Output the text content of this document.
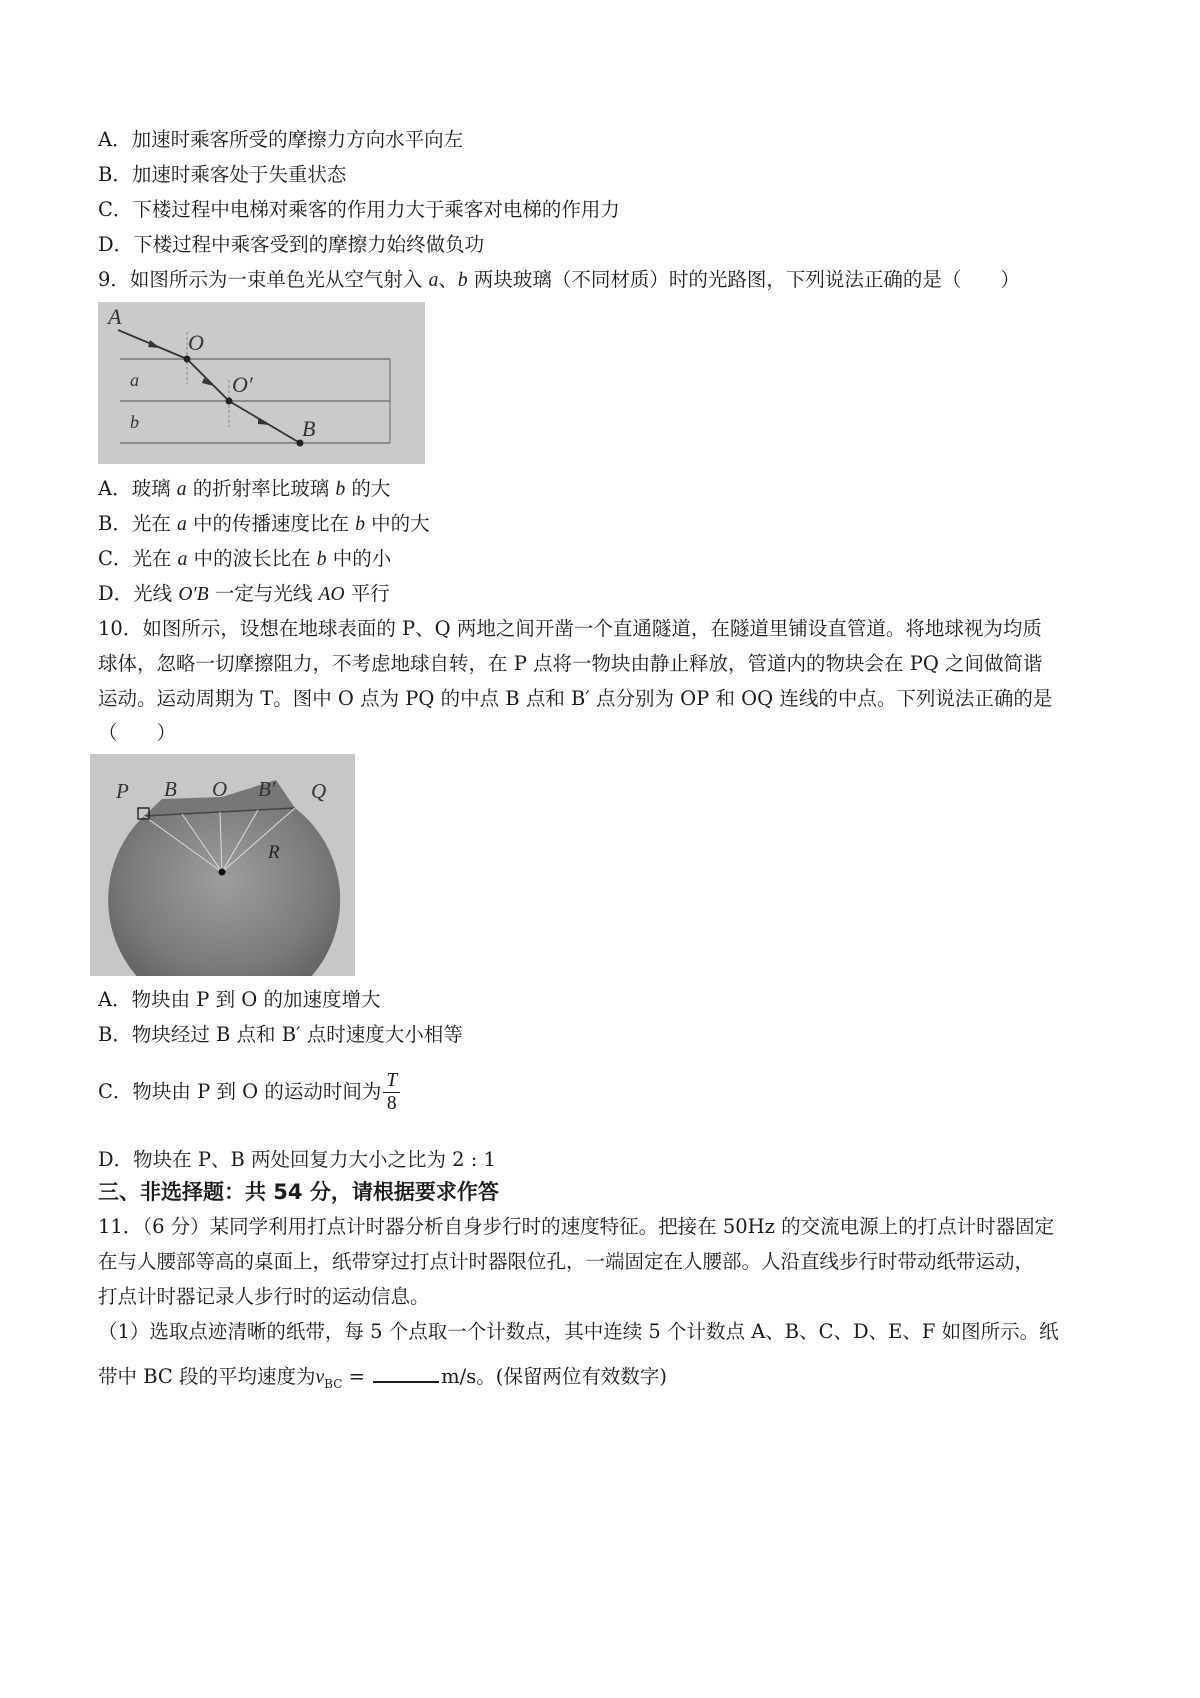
A．加速时乘客所受的摩擦力方向水平向左
B．加速时乘客处于失重状态
C．下楼过程中电梯对乘客的作用力大于乘客对电梯的作用力
D．下楼过程中乘客受到的摩擦力始终做负功
9．如图所示为一束单色光从空气射入 a、b 两块玻璃（不同材质）时的光路图，下列说法正确的是（　　）
A
O
O′
B
a
b
A．玻璃 a 的折射率比玻璃 b 的大
B．光在 a 中的传播速度比在 b 中的大
C．光在 a 中的波长比在 b 中的小
D．光线 O′B 一定与光线 AO 平行
10．如图所示，设想在地球表面的 P、Q 两地之间开凿一个直通隧道，在隧道里铺设直管道。将地球视为均质
球体，忽略一切摩擦阻力，不考虑地球自转，在 P 点将一物块由静止释放，管道内的物块会在 PQ 之间做简谐
运动。运动周期为 T。图中 O 点为 PQ 的中点 B 点和 B′ 点分别为 OP 和 OQ 连线的中点。下列说法正确的是
（　　）
P B O B′ Q
R
A．物块由 P 到 O 的加速度增大
B．物块经过 B 点和 B′ 点时速度大小相等
C．物块由 P 到 O 的运动时间为 $\frac{T}{8}$
D．物块在 P、B 两处回复力大小之比为 2 : 1
三、非选择题：共 54 分，请根据要求作答
11．（6 分）某同学利用打点计时器分析自身步行时的速度特征。把接在 50Hz 的交流电源上的打点计时器固定
在与人腰部等高的桌面上，纸带穿过打点计时器限位孔，一端固定在人腰部。人沿直线步行时带动纸带运动，
打点计时器记录人步行时的运动信息。
（1）选取点迹清晰的纸带，每 5 个点取一个计数点，其中连续 5 个计数点 A、B、C、D、E、F 如图所示。纸
带中 BC 段的平均速度为$v_{BC}$ =	m/s。(保留两位有效数字)
